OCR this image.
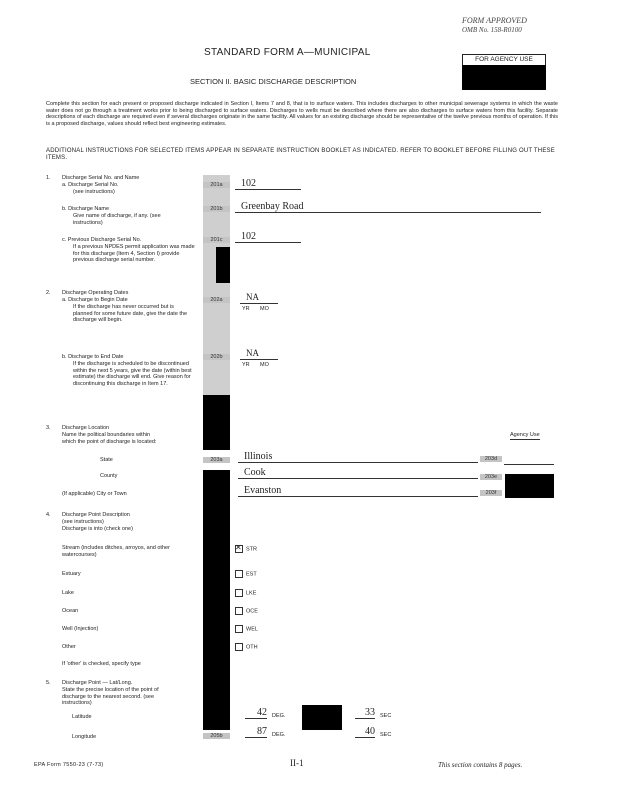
FORM APPROVED
OMB No. 158-R0100
STANDARD FORM A—MUNICIPAL
FOR AGENCY USE
SECTION II. BASIC DISCHARGE DESCRIPTION
Complete this section for each present or proposed discharge indicated in Section I, Items 7 and 8, that is to surface waters. This includes discharges to other municipal sewerage systems in which the waste water does not go through a treatment works prior to being discharged to surface waters. Discharges to wells must be described where there are also discharges to surface waters from this facility. Separate descriptions of each discharge are required even if several discharges originate in the same facility. All values for an existing discharge should be representative of the twelve previous months of operation. If this is a proposed discharge, values should reflect best engineering estimates.
ADDITIONAL INSTRUCTIONS FOR SELECTED ITEMS APPEAR IN SEPARATE INSTRUCTION BOOKLET AS INDICATED. REFER TO BOOKLET BEFORE FILLING OUT THESE ITEMS.
1. Discharge Serial No. and Name
a. Discharge Serial No.
(see instructions)
201a	102
b. Discharge Name
Give name of discharge, if any. (see instructions)
201b	Greenbay Road
c. Previous Discharge Serial No.
If a previous NPDES permit application was made for this discharge (Item 4, Section I) provide previous discharge serial number.
201c	102
2. Discharge Operating Dates
a. Discharge to Begin Date
If the discharge has never occurred but is planned for some future date, give the date the discharge will begin.
202a	NA
YR MO
b. Discharge to End Date
If the discharge is scheduled to be discontinued within the next 5 years, give the date (within best estimate) the discharge will end. Give reason for discontinuing this discharge in Item 17.
202b	NA
YR MO
3. Discharge Location
Name the political boundaries within which the point of discharge is located:
Agency Use
State	203a	Illinois	203d
County	Cook	203e
(If applicable) City or Town	Evanston	203f
4. Discharge Point Description
(see instructions)
Discharge is into (check one)
Stream (includes ditches, arroyos, and other watercourses)
✕STR
Estuary	EST
Lake	LKE
Ocean	OCE
Well (Injection)	WEL
Other	OTH
If 'other' is checked, specify type
5. Discharge Point — Lat/Long.
State the precise location of the point of discharge to the nearest second. (see instructions)
Latitude	42 DEG.	33 SEC
Longitude	205b	87 DEG.	40 SEC
EPA Form 7550-23 (7-73)	II-1	This section contains 8 pages.
